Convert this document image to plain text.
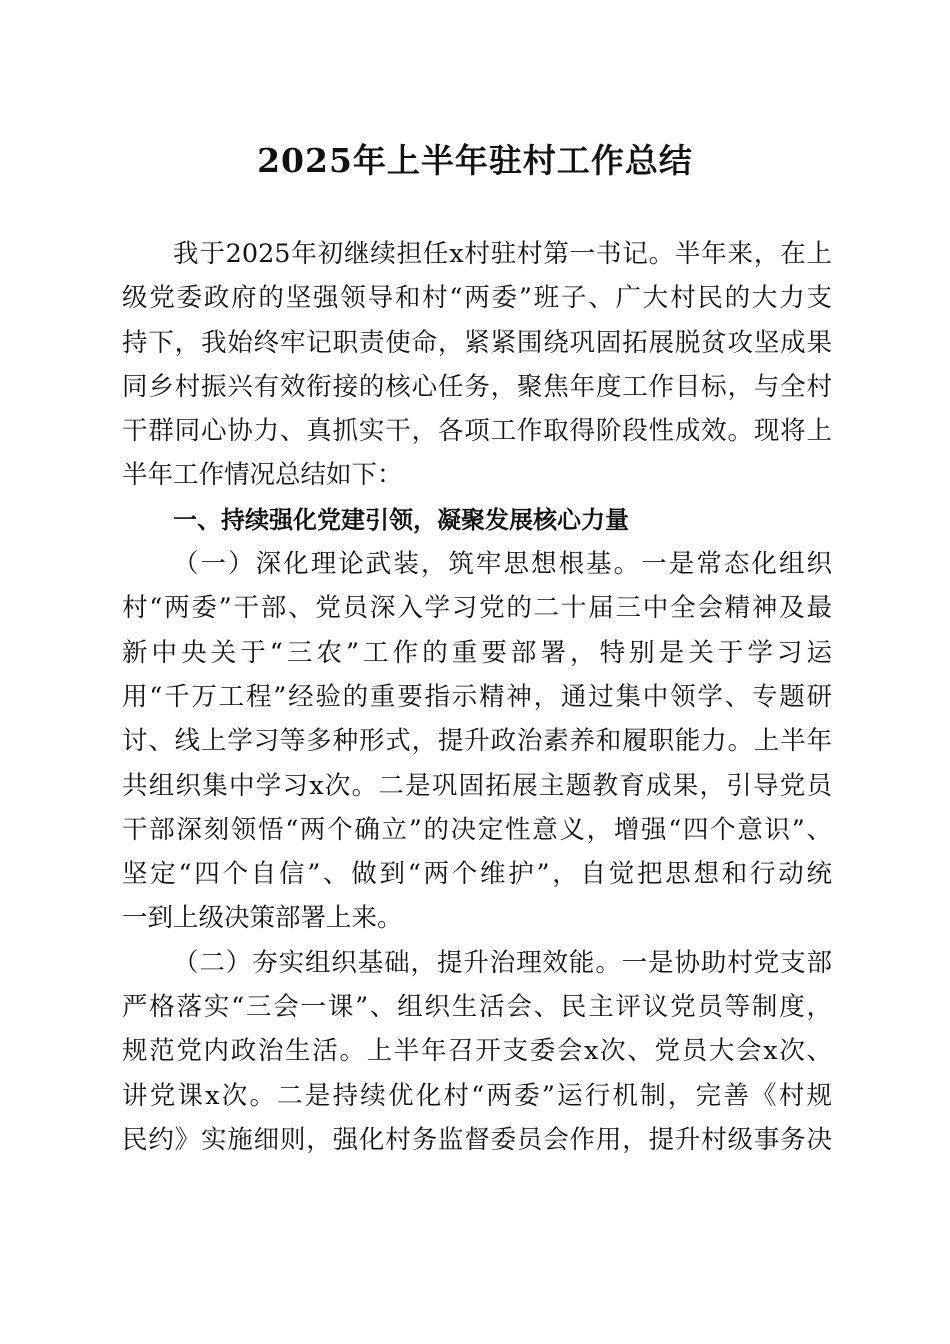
2025年上半年驻村工作总结
我于2025年初继续担任x村驻村第一书记。半年来，在上
级党委政府的坚强领导和村“两委”班子、广大村民的大力支
持下，我始终牢记职责使命，紧紧围绕巩固拓展脱贫攻坚成果
同乡村振兴有效衔接的核心任务，聚焦年度工作目标，与全村
干群同心协力、真抓实干，各项工作取得阶段性成效。现将上
半年工作情况总结如下：
一、持续强化党建引领，凝聚发展核心力量
（一）深化理论武装，筑牢思想根基。一是常态化组织
村“两委”干部、党员深入学习党的二十届三中全会精神及最
新中央关于“三农”工作的重要部署，特别是关于学习运
用“千万工程”经验的重要指示精神，通过集中领学、专题研
讨、线上学习等多种形式，提升政治素养和履职能力。上半年
共组织集中学习x次。二是巩固拓展主题教育成果，引导党员
干部深刻领悟“两个确立”的决定性意义，增强“四个意识”、
坚定“四个自信”、做到“两个维护”，自觉把思想和行动统
一到上级决策部署上来。
（二）夯实组织基础，提升治理效能。一是协助村党支部
严格落实“三会一课”、组织生活会、民主评议党员等制度，
规范党内政治生活。上半年召开支委会x次、党员大会x次、
讲党课x次。二是持续优化村“两委”运行机制，完善《村规
民约》实施细则，强化村务监督委员会作用，提升村级事务决
